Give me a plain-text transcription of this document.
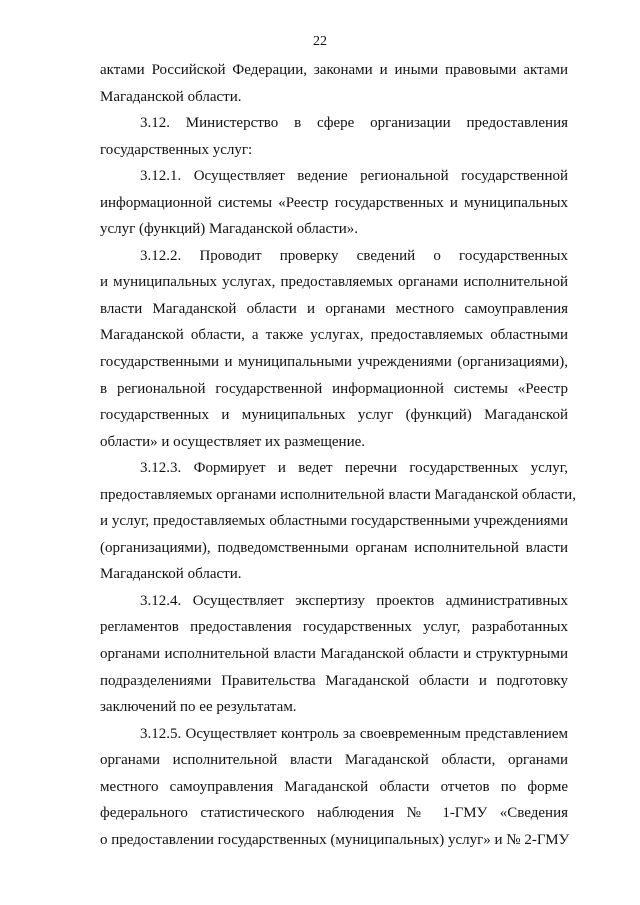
22
актами Российской Федерации, законами и иными правовыми актами
Магаданской области.
3.12. Министерство в сфере организации предоставления
государственных услуг:
3.12.1. Осуществляет ведение региональной государственной
информационной системы «Реестр государственных и муниципальных
услуг (функций) Магаданской области».
3.12.2. Проводит проверку сведений о государственных
и муниципальных услугах, предоставляемых органами исполнительной
власти Магаданской области и органами местного самоуправления
Магаданской области, а также услугах, предоставляемых областными
государственными и муниципальными учреждениями (организациями),
в региональной государственной информационной системы «Реестр
государственных и муниципальных услуг (функций) Магаданской
области» и осуществляет их размещение.
3.12.3. Формирует и ведет перечни государственных услуг,
предоставляемых органами исполнительной власти Магаданской области,
и услуг, предоставляемых областными государственными учреждениями
(организациями), подведомственными органам исполнительной власти
Магаданской области.
3.12.4. Осуществляет экспертизу проектов административных
регламентов предоставления государственных услуг, разработанных
органами исполнительной власти Магаданской области и структурными
подразделениями Правительства Магаданской области и подготовку
заключений по ее результатам.
3.12.5. Осуществляет контроль за своевременным представлением
органами исполнительной власти Магаданской области, органами
местного самоуправления Магаданской области отчетов по форме
федерального статистического наблюдения № 1-ГМУ «Сведения
о предоставлении государственных (муниципальных) услуг» и № 2-ГМУ
